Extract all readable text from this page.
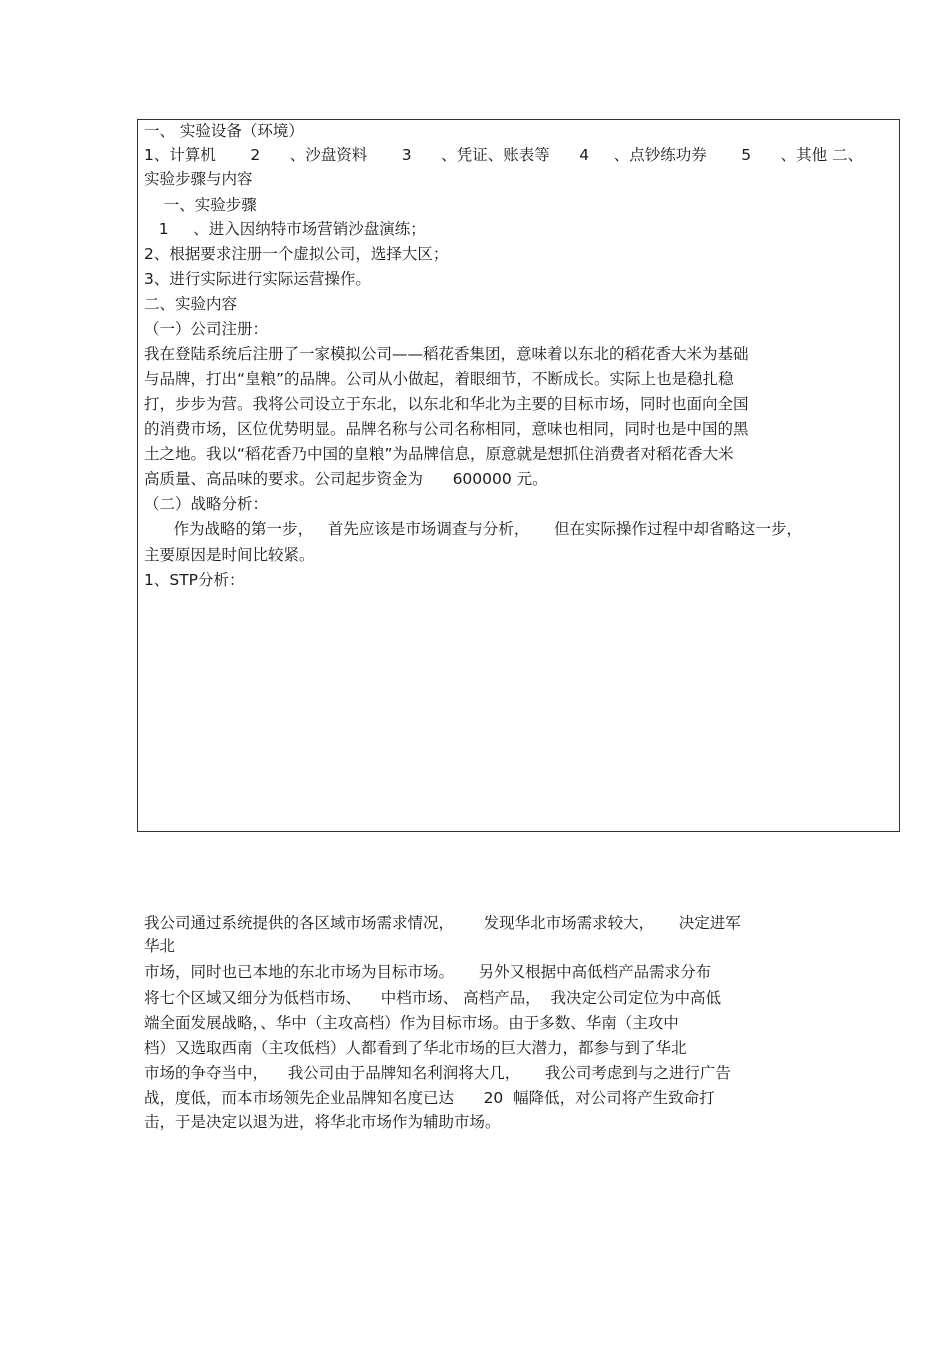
一、 实验设备（环境）
1、计算机       2      、沙盘资料       3      、凭证、账表等      4     、点钞练功券       5      、其他 二、
实验步骤与内容
一、实验步骤
1     、进入因纳特市场营销沙盘演练；
2、根据要求注册一个虚拟公司，选择大区；
3、进行实际进行实际运营操作。
二、实验内容
（一）公司注册：
我在登陆系统后注册了一家模拟公司——稻花香集团，意味着以东北的稻花香大米为基础
与品牌，打出“皇粮”的品牌。公司从小做起，着眼细节，不断成长。实际上也是稳扎稳
打，步步为营。我将公司设立于东北，以东北和华北为主要的目标市场，同时也面向全国
的消费市场，区位优势明显。品牌名称与公司名称相同，意味也相同，同时也是中国的黑
土之地。我以“稻花香乃中国的皇粮”为品牌信息，原意就是想抓住消费者对稻花香大米
高质量、高品味的要求。公司起步资金为      600000 元。
（二）战略分析：
作为战略的第一步，   首先应该是市场调查与分析，     但在实际操作过程中却省略这一步，
主要原因是时间比较紧。
1、STP分析：
我公司通过系统提供的各区域市场需求情况，      发现华北市场需求较大，     决定进军
华北
市场，同时也已本地的东北市场为目标市场。     另外又根据中高低档产品需求分布
将七个区域又细分为低档市场、    中档市场、 高档产品，  我决定公司定位为中高低
端全面发展战略，、华中（主攻高档）作为目标市场。由于多数、华南（主攻中
档）又选取西南（主攻低档）人都看到了华北市场的巨大潜力，都参与到了华北
市场的争夺当中，    我公司由于品牌知名利润将大几，     我公司考虑到与之进行广告
战，度低，而本市场领先企业品牌知名度已达      20  幅降低，对公司将产生致命打
击，于是决定以退为进，将华北市场作为辅助市场。
